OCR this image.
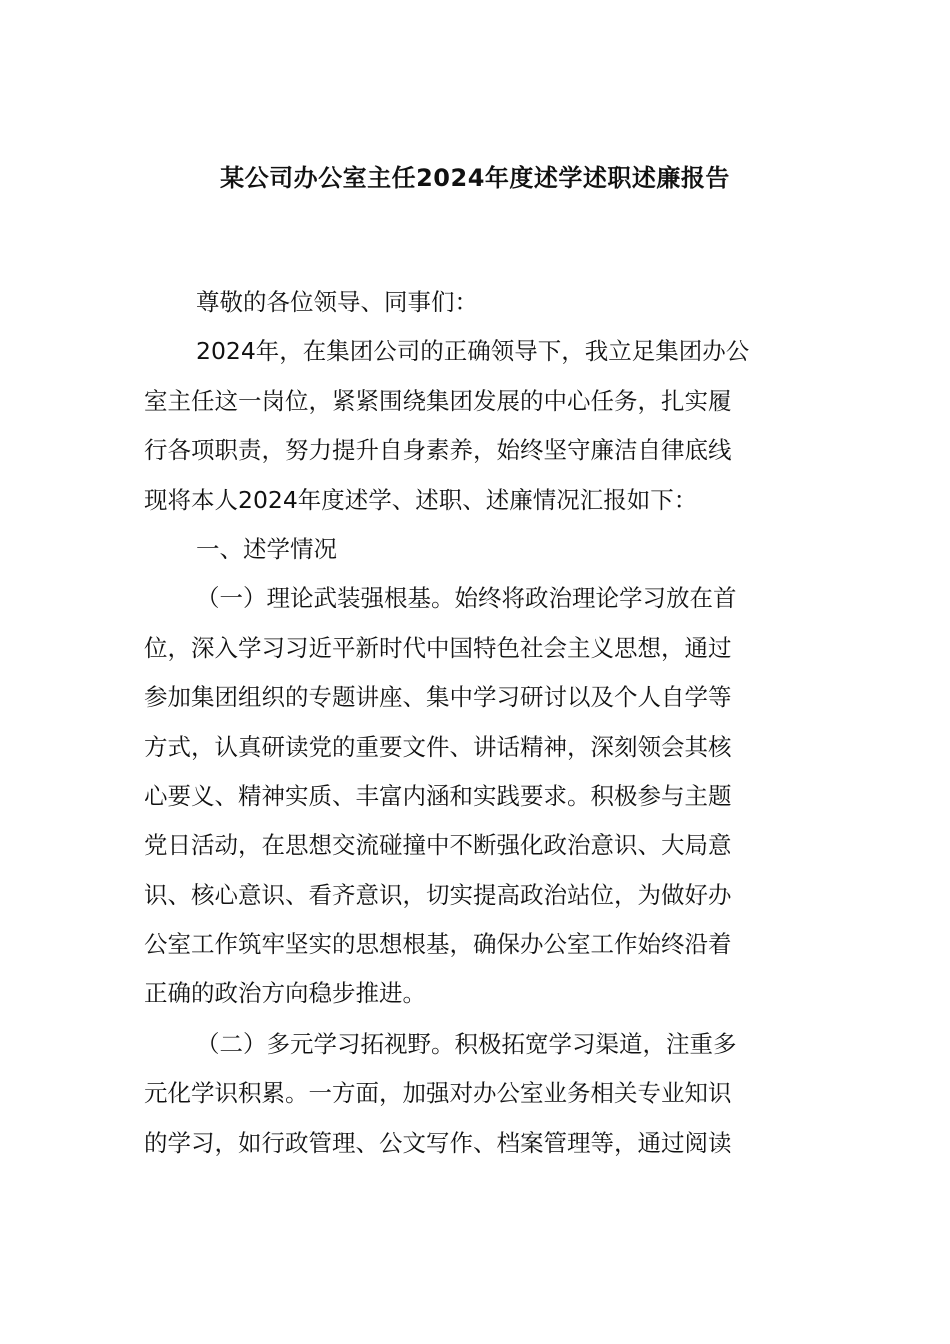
某公司办公室主任2024年度述学述职述廉报告
尊敬的各位领导、同事们：
2024年，在集团公司的正确领导下，我立足集团办公
室主任这一岗位，紧紧围绕集团发展的中心任务，扎实履
行各项职责，努力提升自身素养，始终坚守廉洁自律底线
现将本人2024年度述学、述职、述廉情况汇报如下：
一、述学情况
（一）理论武装强根基。始终将政治理论学习放在首
位，深入学习习近平新时代中国特色社会主义思想，通过
参加集团组织的专题讲座、集中学习研讨以及个人自学等
方式，认真研读党的重要文件、讲话精神，深刻领会其核
心要义、精神实质、丰富内涵和实践要求。积极参与主题
党日活动，在思想交流碰撞中不断强化政治意识、大局意
识、核心意识、看齐意识，切实提高政治站位，为做好办
公室工作筑牢坚实的思想根基，确保办公室工作始终沿着
正确的政治方向稳步推进。
（二）多元学习拓视野。积极拓宽学习渠道，注重多
元化学识积累。一方面，加强对办公室业务相关专业知识
的学习，如行政管理、公文写作、档案管理等，通过阅读
